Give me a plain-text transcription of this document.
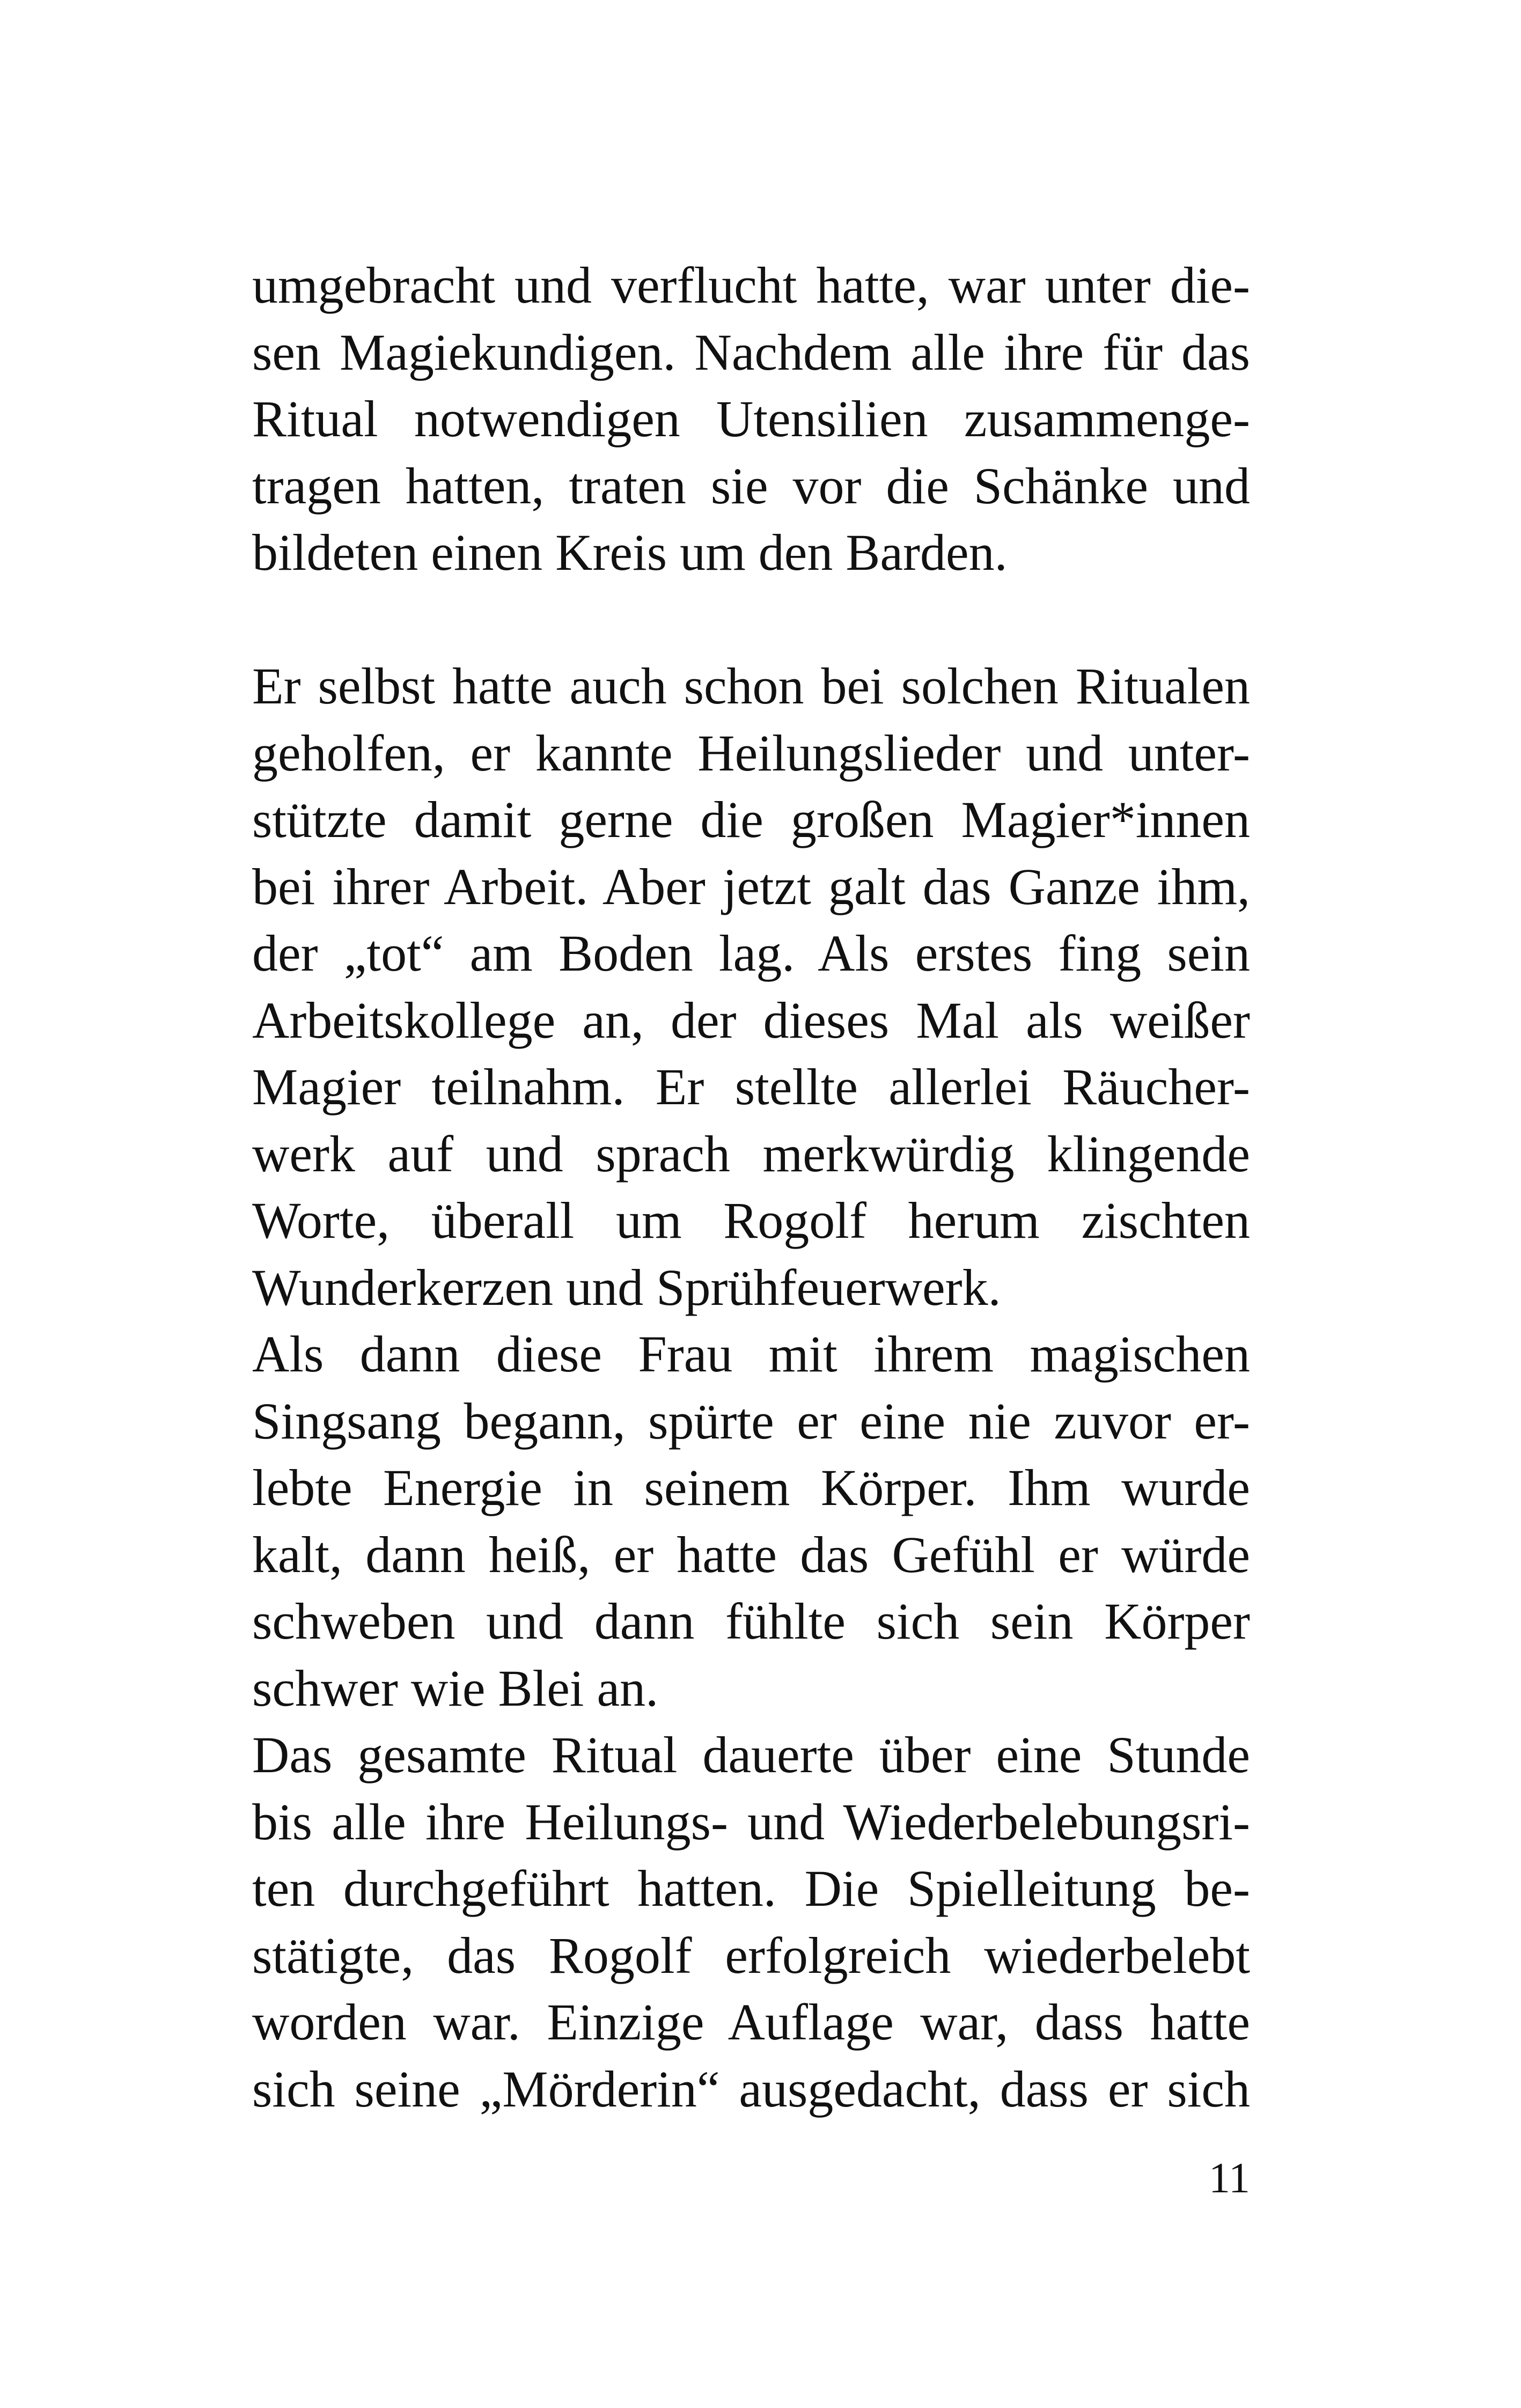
umgebracht und verflucht hatte, war unter die-
sen Magiekundigen. Nachdem alle ihre für das
Ritual notwendigen Utensilien zusammenge-
tragen hatten, traten sie vor die Schänke und
bildeten einen Kreis um den Barden.
Er selbst hatte auch schon bei solchen Ritualen
geholfen, er kannte Heilungslieder und unter-
stützte damit gerne die großen Magier*innen
bei ihrer Arbeit. Aber jetzt galt das Ganze ihm,
der „tot“ am Boden lag. Als erstes fing sein
Arbeitskollege an, der dieses Mal als weißer
Magier teilnahm. Er stellte allerlei Räucher-
werk auf und sprach merkwürdig klingende
Worte, überall um Rogolf herum zischten
Wunderkerzen und Sprühfeuerwerk.
Als dann diese Frau mit ihrem magischen
Singsang begann, spürte er eine nie zuvor er-
lebte Energie in seinem Körper. Ihm wurde
kalt, dann heiß, er hatte das Gefühl er würde
schweben und dann fühlte sich sein Körper
schwer wie Blei an.
Das gesamte Ritual dauerte über eine Stunde
bis alle ihre Heilungs- und Wiederbelebungsri-
ten durchgeführt hatten. Die Spielleitung be-
stätigte, das Rogolf erfolgreich wiederbelebt
worden war. Einzige Auflage war, dass hatte
sich seine „Mörderin“ ausgedacht, dass er sich
11
